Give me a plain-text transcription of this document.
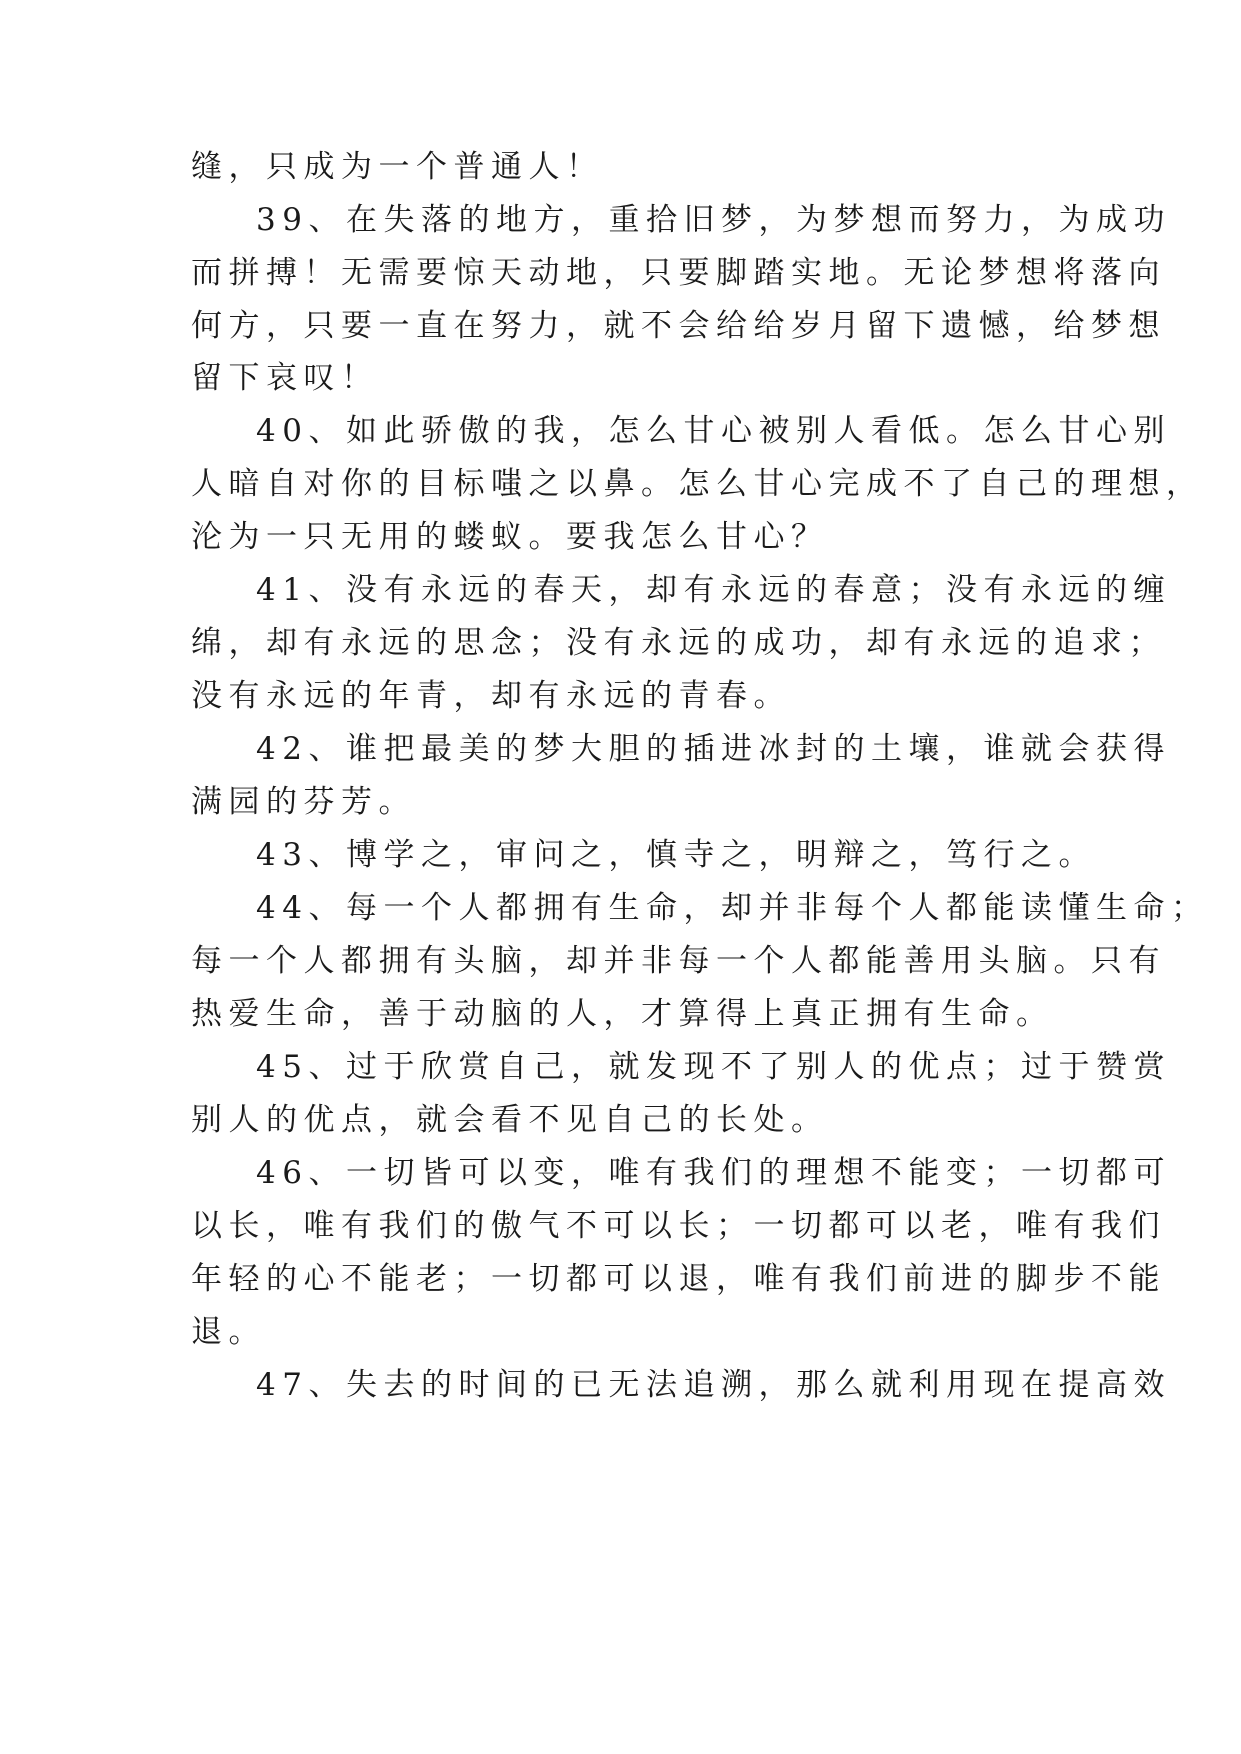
缝，只成为一个普通人！
39、在失落的地方，重拾旧梦，为梦想而努力，为成功
而拼搏！无需要惊天动地，只要脚踏实地。无论梦想将落向
何方，只要一直在努力，就不会给给岁月留下遗憾，给梦想
留下哀叹！
40、如此骄傲的我，怎么甘心被别人看低。怎么甘心别
人暗自对你的目标嗤之以鼻。怎么甘心完成不了自己的理想，
沦为一只无用的蝼蚁。要我怎么甘心？
41、没有永远的春天，却有永远的春意；没有永远的缠
绵，却有永远的思念；没有永远的成功，却有永远的追求；
没有永远的年青，却有永远的青春。
42、谁把最美的梦大胆的插进冰封的土壤，谁就会获得
满园的芬芳。
43、博学之，审问之，慎寺之，明辩之，笃行之。
44、每一个人都拥有生命，却并非每个人都能读懂生命；
每一个人都拥有头脑，却并非每一个人都能善用头脑。只有
热爱生命，善于动脑的人，才算得上真正拥有生命。
45、过于欣赏自己，就发现不了别人的优点；过于赞赏
别人的优点，就会看不见自己的长处。
46、一切皆可以变，唯有我们的理想不能变；一切都可
以长，唯有我们的傲气不可以长；一切都可以老，唯有我们
年轻的心不能老；一切都可以退，唯有我们前进的脚步不能
退。
47、失去的时间的已无法追溯，那么就利用现在提高效
